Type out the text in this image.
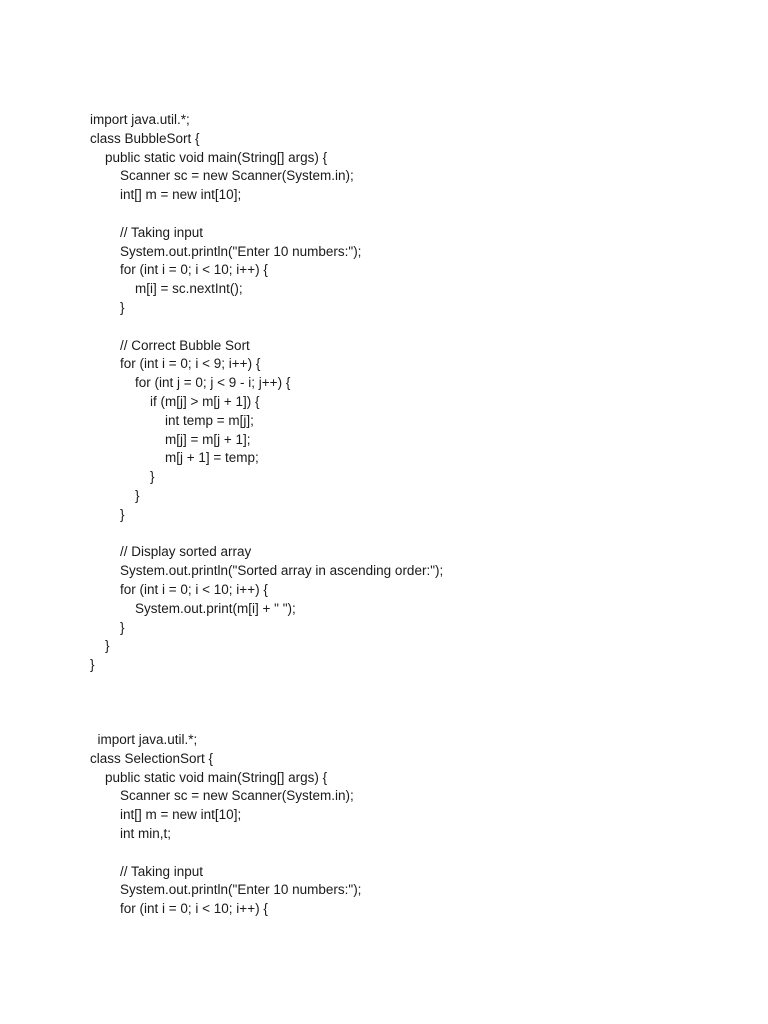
import java.util.*;
class BubbleSort {
public static void main(String[] args) {
Scanner sc = new Scanner(System.in);
int[] m = new int[10];
// Taking input
System.out.println("Enter 10 numbers:");
for (int i = 0; i < 10; i++) {
m[i] = sc.nextInt();
}
// Correct Bubble Sort
for (int i = 0; i < 9; i++) {
for (int j = 0; j < 9 - i; j++) {
if (m[j] > m[j + 1]) {
int temp = m[j];
m[j] = m[j + 1];
m[j + 1] = temp;
}
}
}
// Display sorted array
System.out.println("Sorted array in ascending order:");
for (int i = 0; i < 10; i++) {
System.out.print(m[i] + " ");
}
}
}
import java.util.*;
class SelectionSort {
public static void main(String[] args) {
Scanner sc = new Scanner(System.in);
int[] m = new int[10];
int min,t;
// Taking input
System.out.println("Enter 10 numbers:");
for (int i = 0; i < 10; i++) {
